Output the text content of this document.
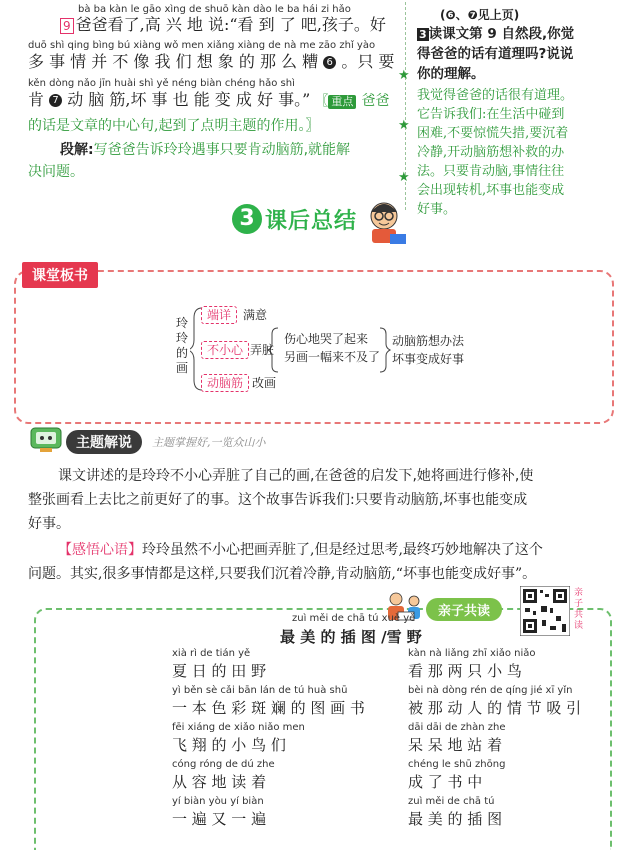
bà ba kàn le gāo xìng de shuō kàn dào le ba hái zi hǎo
9 爸爸看了,高 兴 地 说:“看 到 了 吧,孩子。好
duō shì qing bìng bú xiàng wǒ men xiǎng xiàng de nà me zāo zhǐ yào
多 事 情 并 不 像 我 们 想 象 的 那 么 糟 6 。只 要
kěn dòng nǎo jīn huài shì yě néng biàn chéng hǎo shì
肯 7 动 脑 筋,坏 事 也 能 变 成 好 事。” 〖 重点 爸爸
的话是文章的中心句,起到了点明主题的作用。〗
段解:写爸爸告诉玲玲遇事只要肯动脑筋,就能解
决问题。
★
★
★
(❻、❼见上页)
3 读课文第 9 自然段,你觉
得爸爸的话有道理吗?说说
你的理解。
我觉得爸爸的话很有道理。
它告诉我们:在生活中碰到
困难,不要惊慌失措,要沉着
冷静,开动脑筋想补救的办
法。只要肯动脑,事情往往
会出现转机,坏事也能变成
好事。
3 课后总结
课堂板书
玲
玲
的
画
端详 满意
不小心 弄脏
伤心地哭了起来
另画一幅来不及了
动脑筋 改画
动脑筋想办法
坏事变成好事
主题解说	主题掌握好,一览众山小
课文讲述的是玲玲不小心弄脏了自己的画,在爸爸的启发下,她将画进行修补,使
整张画看上去比之前更好了的事。这个故事告诉我们:只要肯动脑筋,坏事也能变成
好事。
【感悟心语】玲玲虽然不小心把画弄脏了,但是经过思考,最终巧妙地解决了这个
问题。其实,很多事情都是这样,只要我们沉着冷静,肯动脑筋,“坏事也能变成好事”。
亲子共读
亲子共读
zuì měi de chā tú xuě yě
最 美 的 插 图 /雪 野
xià rì de tián yě
夏 日 的 田 野
kàn nà liǎng zhī xiǎo niǎo
看 那 两 只 小 鸟
yì běn sè cǎi bān lán de tú huà shū
一 本 色 彩 斑 斓 的 图 画 书
bèi nà dòng rén de qíng jié xī yǐn
被 那 动 人 的 情 节 吸 引
fēi xiáng de xiǎo niǎo men
飞 翔 的 小 鸟 们
dāi dāi de zhàn zhe
呆 呆 地 站 着
cóng róng de dú zhe
从 容 地 读 着
chéng le shū zhōng
成 了 书 中
yí biàn yòu yí biàn
一 遍 又 一 遍
zuì měi de chā tú
最 美 的 插 图
